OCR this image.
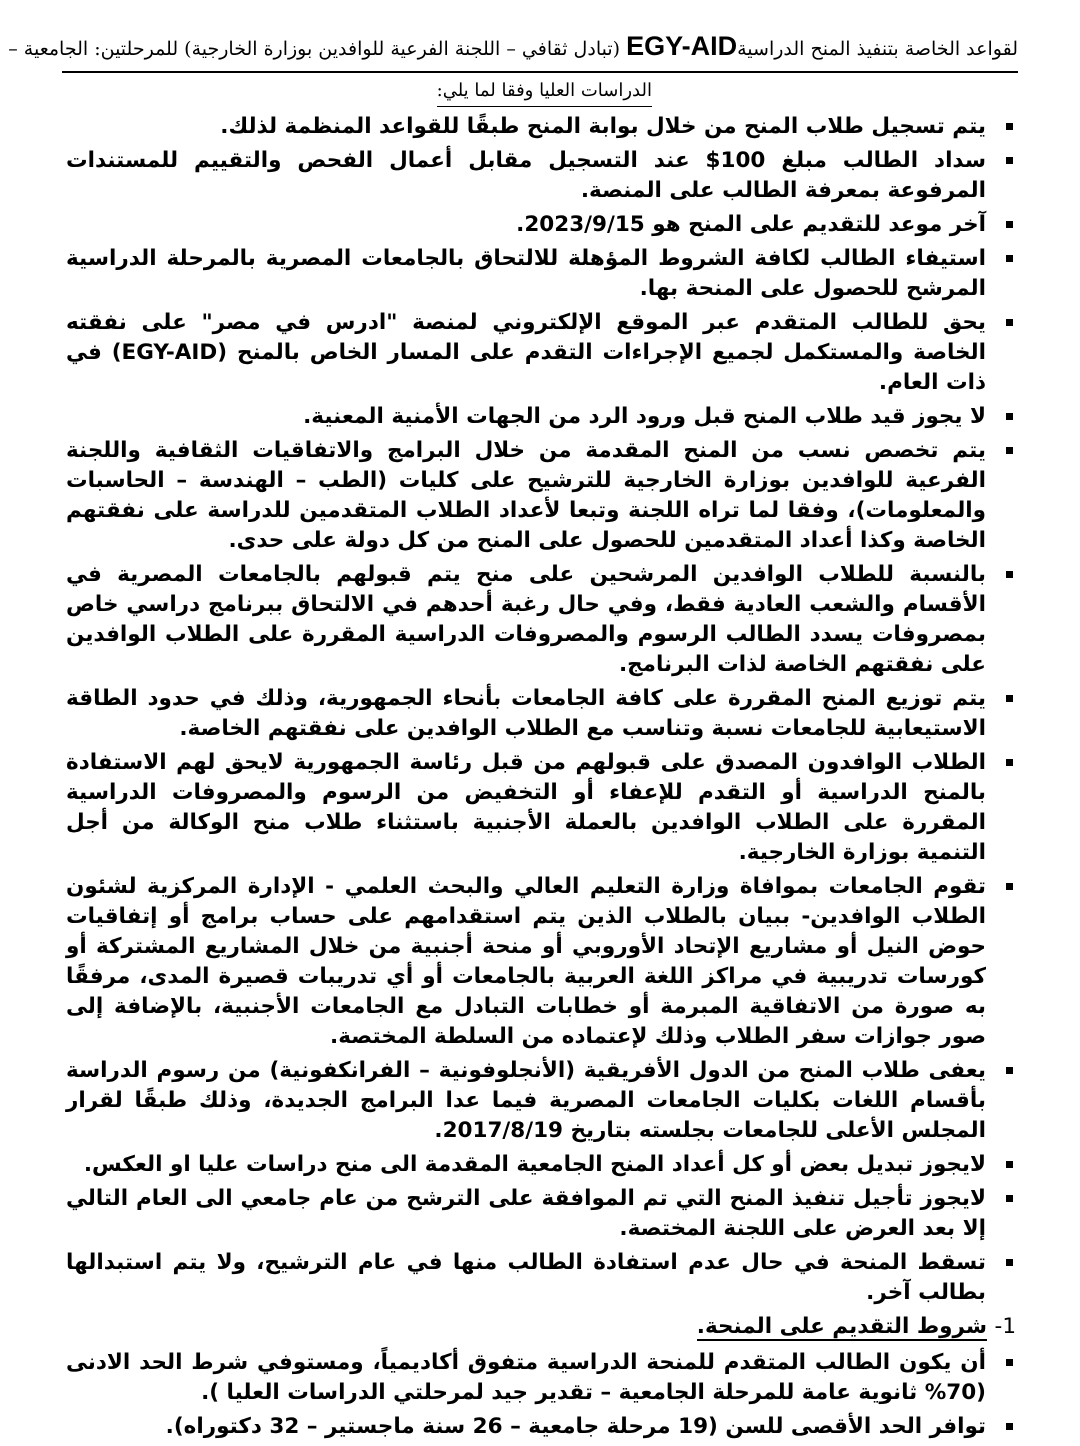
لقواعد الخاصة بتنفيذ المنح الدراسيةEGY-AID (تبادل ثقافي – اللجنة الفرعية للوافدين بوزارة الخارجية) للمرحلتين: الجامعية –
الدراسات العليا وفقا لما يلي:
يتم تسجيل طلاب المنح من خلال بوابة المنح طبقًا للقواعد المنظمة لذلك.
سداد الطالب مبلغ 100$ عند التسجيل مقابل أعمال الفحص والتقييم للمستندات المرفوعة بمعرفة الطالب على المنصة.
آخر موعد للتقديم على المنح هو 2023/9/15.
استيفاء الطالب لكافة الشروط المؤهلة للالتحاق بالجامعات المصرية بالمرحلة الدراسية المرشح للحصول على المنحة بها.
يحق للطالب المتقدم عبر الموقع الإلكتروني لمنصة "ادرس في مصر" على نفقته الخاصة والمستكمل لجميع الإجراءات التقدم على المسار الخاص بالمنح (EGY-AID) في ذات العام.
لا يجوز قيد طلاب المنح قبل ورود الرد من الجهات الأمنية المعنية.
يتم تخصص نسب من المنح المقدمة من خلال البرامج والاتفاقيات الثقافية واللجنة الفرعية للوافدين بوزارة الخارجية للترشيح على كليات (الطب – الهندسة – الحاسبات والمعلومات)، وفقا لما تراه اللجنة وتبعا لأعداد الطلاب المتقدمين للدراسة على نفقتهم الخاصة وكذا أعداد المتقدمين للحصول على المنح من كل دولة على حدى.
بالنسبة للطلاب الوافدين المرشحين على منح يتم قبولهم بالجامعات المصرية في الأقسام والشعب العادية فقط، وفي حال رغبة أحدهم في الالتحاق ببرنامج دراسي خاص بمصروفات يسدد الطالب الرسوم والمصروفات الدراسية المقررة على الطلاب الوافدين على نفقتهم الخاصة لذات البرنامج.
يتم توزيع المنح المقررة على كافة الجامعات بأنحاء الجمهورية، وذلك في حدود الطاقة الاستيعابية للجامعات نسبة وتناسب مع الطلاب الوافدين على نفقتهم الخاصة.
الطلاب الوافدون المصدق على قبولهم من قبل رئاسة الجمهورية لايحق لهم الاستفادة بالمنح الدراسية أو التقدم للإعفاء أو التخفيض من الرسوم والمصروفات الدراسية المقررة على الطلاب الوافدين بالعملة الأجنبية باستثناء طلاب منح الوكالة من أجل التنمية بوزارة الخارجية.
تقوم الجامعات بموافاة وزارة التعليم العالي والبحث العلمي - الإدارة المركزية لشئون الطلاب الوافدين- ببيان بالطلاب الذين يتم استقدامهم على حساب برامج أو إتفاقيات حوض النيل أو مشاريع الإتحاد الأوروبي أو منحة أجنبية من خلال المشاريع المشتركة أو كورسات تدريبية في مراكز اللغة العربية بالجامعات أو أي تدريبات قصيرة المدى، مرفقًا به صورة من الاتفاقية المبرمة أو خطابات التبادل مع الجامعات الأجنبية، بالإضافة إلى صور جوازات سفر الطلاب وذلك لإعتماده من السلطة المختصة.
يعفى طلاب المنح من الدول الأفريقية (الأنجلوفونية – الفرانكفونية) من رسوم الدراسة بأقسام اللغات بكليات الجامعات المصرية فيما عدا البرامج الجديدة، وذلك طبقًا لقرار المجلس الأعلى للجامعات بجلسته بتاريخ 2017/8/19.
لايجوز تبديل بعض أو كل أعداد المنح الجامعية المقدمة الى منح دراسات عليا او العكس.
لايجوز تأجيل تنفيذ المنح التي تم الموافقة على الترشح من عام جامعي الى العام التالي إلا بعد العرض على اللجنة المختصة.
تسقط المنحة في حال عدم استفادة الطالب منها في عام الترشيح، ولا يتم استبدالها بطالب آخر.
1- شروط التقديم على المنحة.
أن يكون الطالب المتقدم للمنحة الدراسية متفوق أكاديمياً، ومستوفي شرط الحد الادنى (70% ثانوية عامة للمرحلة الجامعية – تقدير جيد لمرحلتي الدراسات العليا ).
توافر الحد الأقصى للسن (19 مرحلة جامعية – 26 سنة ماجستير – 32 دكتوراه).
